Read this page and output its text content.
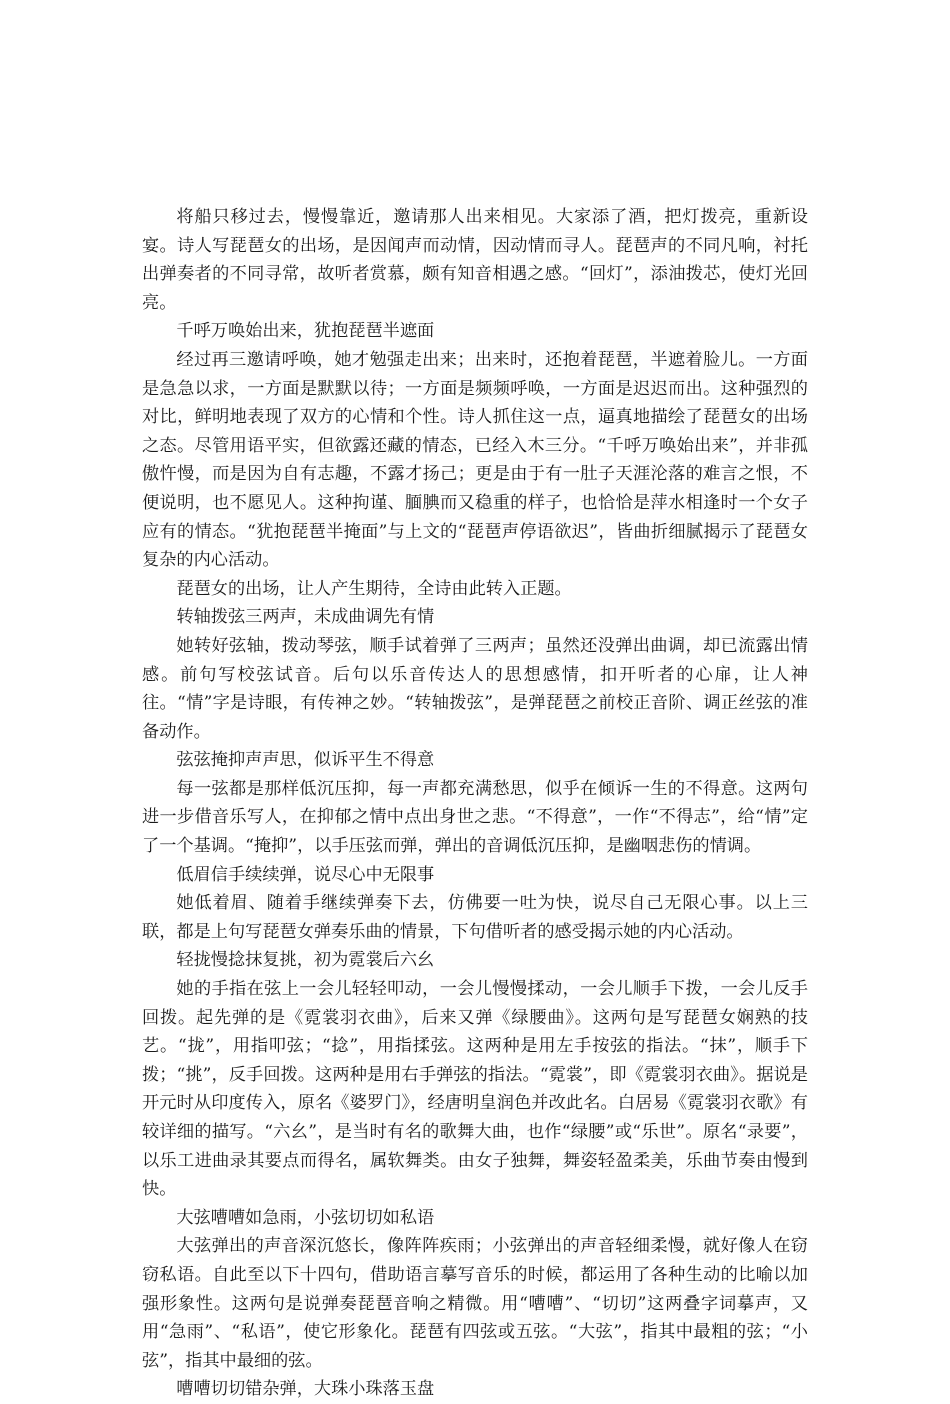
将船只移过去，慢慢靠近，邀请那人出来相见。大家添了酒，把灯拨亮，重新设宴。诗人写琵琶女的出场，是因闻声而动情，因动情而寻人。琵琶声的不同凡响，衬托出弹奏者的不同寻常，故听者赏慕，颇有知音相遇之感。“回灯”，添油拨芯，使灯光回亮。

千呼万唤始出来，犹抱琵琶半遮面

经过再三邀请呼唤，她才勉强走出来；出来时，还抱着琵琶，半遮着脸儿。一方面是急急以求，一方面是默默以待；一方面是频频呼唤，一方面是迟迟而出。这种强烈的对比，鲜明地表现了双方的心情和个性。诗人抓住这一点，逼真地描绘了琵琶女的出场之态。尽管用语平实，但欲露还藏的情态，已经入木三分。“千呼万唤始出来”，并非孤傲忤慢，而是因为自有志趣，不露才扬己；更是由于有一肚子天涯沦落的难言之恨，不便说明，也不愿见人。这种拘谨、腼腆而又稳重的样子，也恰恰是萍水相逢时一个女子应有的情态。“犹抱琵琶半掩面”与上文的“琵琶声停语欲迟”，皆曲折细腻揭示了琵琶女复杂的内心活动。

琵琶女的出场，让人产生期待，全诗由此转入正题。

转轴拨弦三两声，未成曲调先有情

她转好弦轴，拨动琴弦，顺手试着弹了三两声；虽然还没弹出曲调，却已流露出情感。前句写校弦试音。后句以乐音传达人的思想感情，扣开听者的心扉，让人神往。“情”字是诗眼，有传神之妙。“转轴拨弦”，是弹琵琶之前校正音阶、调正丝弦的准备动作。

弦弦掩抑声声思，似诉平生不得意

每一弦都是那样低沉压抑，每一声都充满愁思，似乎在倾诉一生的不得意。这两句进一步借音乐写人，在抑郁之情中点出身世之悲。“不得意”，一作“不得志”，给“情”定了一个基调。“掩抑”，以手压弦而弹，弹出的音调低沉压抑，是幽咽悲伤的情调。

低眉信手续续弹，说尽心中无限事

她低着眉、随着手继续弹奏下去，仿佛要一吐为快，说尽自己无限心事。以上三联，都是上句写琵琶女弹奏乐曲的情景，下句借听者的感受揭示她的内心活动。

轻拢慢捻抹复挑，初为霓裳后六幺

她的手指在弦上一会儿轻轻叩动，一会儿慢慢揉动，一会儿顺手下拨，一会儿反手回拨。起先弹的是《霓裳羽衣曲》，后来又弹《绿腰曲》。这两句是写琵琶女娴熟的技艺。“拢”，用指叩弦；“捻”，用指揉弦。这两种是用左手按弦的指法。“抹”，顺手下拨；“挑”，反手回拨。这两种是用右手弹弦的指法。“霓裳”，即《霓裳羽衣曲》。据说是开元时从印度传入，原名《婆罗门》，经唐明皇润色并改此名。白居易《霓裳羽衣歌》有较详细的描写。“六幺”，是当时有名的歌舞大曲，也作“绿腰”或“乐世”。原名“录要”，以乐工进曲录其要点而得名，属软舞类。由女子独舞，舞姿轻盈柔美，乐曲节奏由慢到快。

大弦嘈嘈如急雨，小弦切切如私语

大弦弹出的声音深沉悠长，像阵阵疾雨；小弦弹出的声音轻细柔慢，就好像人在窃窃私语。自此至以下十四句，借助语言摹写音乐的时候，都运用了各种生动的比喻以加强形象性。这两句是说弹奏琵琶音响之精微。用“嘈嘈”、“切切”这两叠字词摹声，又用“急雨”、“私语”，使它形象化。琵琶有四弦或五弦。“大弦”，指其中最粗的弦；“小弦”，指其中最细的弦。

嘈嘈切切错杂弹，大珠小珠落玉盘
